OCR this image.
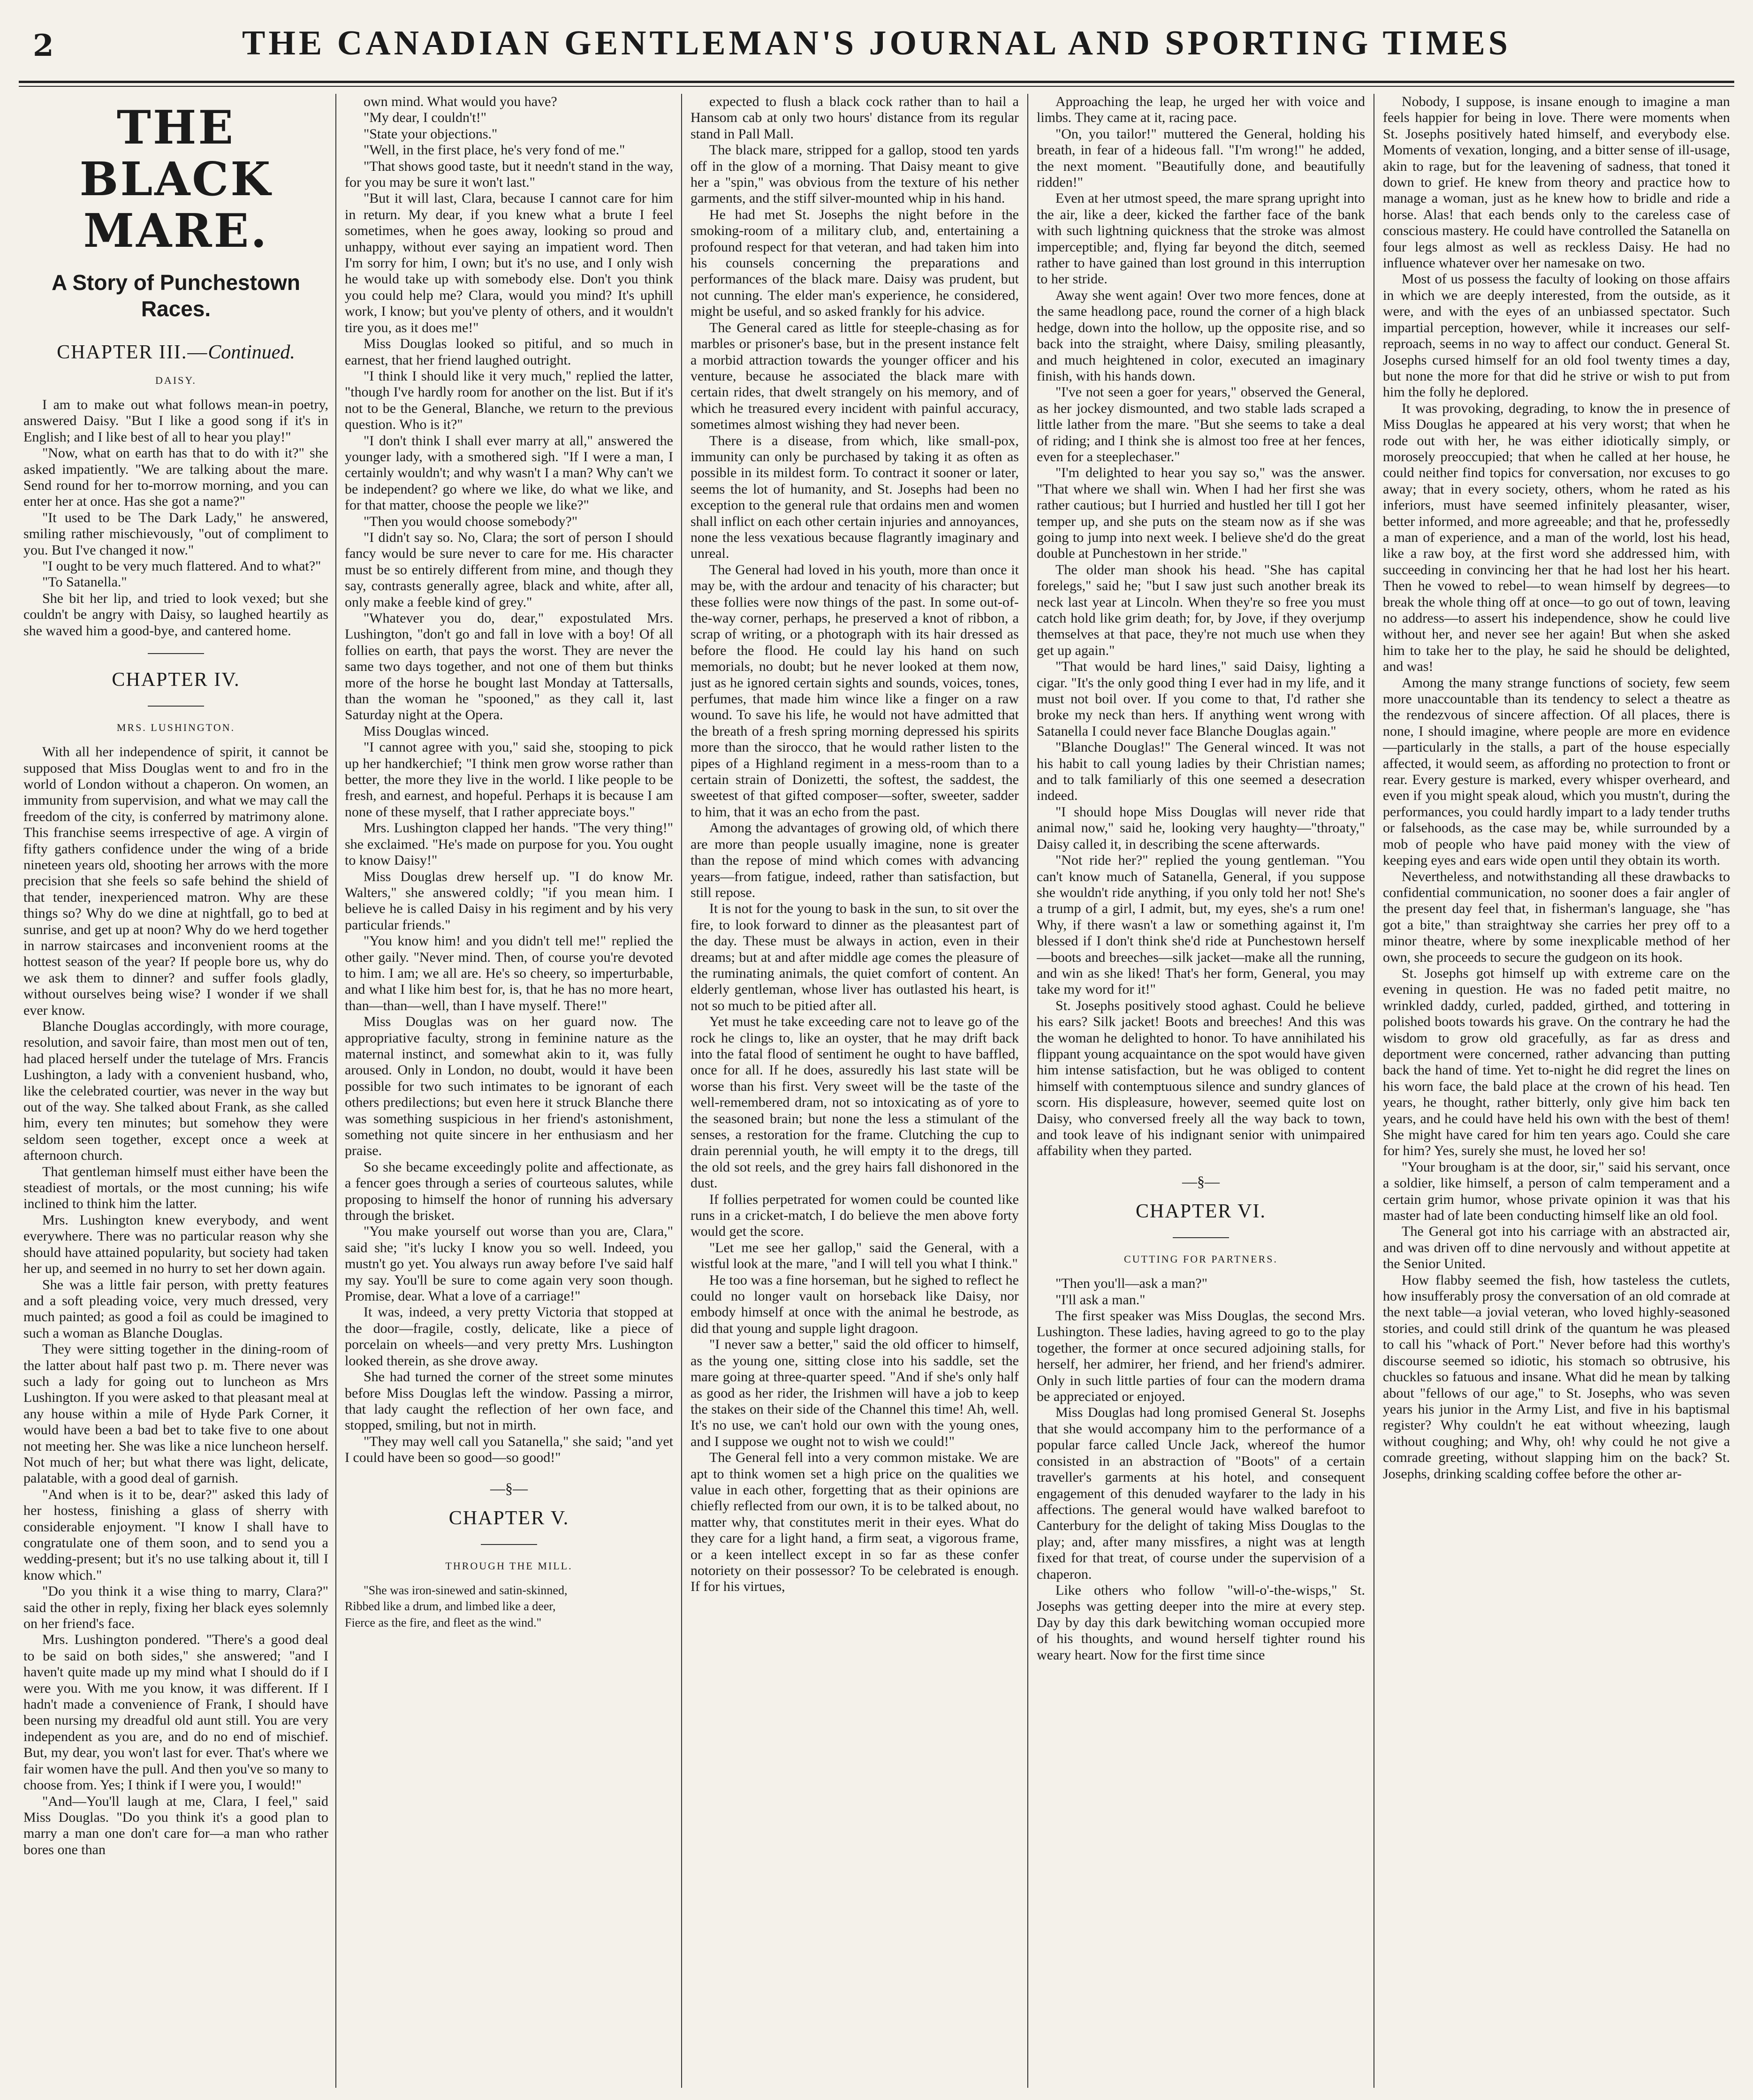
2	THE CANADIAN GENTLEMAN'S JOURNAL AND SPORTING TIMES
THE BLACK MARE.
A Story of Punchestown Races.
CHAPTER III.—Continued.
DAISY.

I am to make out what follows mean-in poetry, answered Daisy. "But I like a good song if it's in English; and I like best of all to hear you play!"

"Now, what on earth has that to do with it?" she asked impatiently. "We are talking about the mare. Send round for her to-morrow morning, and you can enter her at once. Has she got a name?"

"It used to be The Dark Lady," he answered, smiling rather mischievously, "out of compliment to you. But I've changed it now."

"I ought to be very much flattered. And to what?"

"To Satanella."

She bit her lip, and tried to look vexed; but she couldn't be angry with Daisy, so laughed heartily as she waved him a good-bye, and cantered home.

CHAPTER IV.
MRS. LUSHINGTON.

With all her independence of spirit, it cannot be supposed that Miss Douglas went to and fro in the world of London without a chaperon. On women, an immunity from supervision, and what we may call the freedom of the city, is conferred by matrimony alone. This franchise seems irrespective of age. A virgin of fifty gathers confidence under the wing of a bride nineteen years old, shooting her arrows with the more precision that she feels so safe behind the shield of that tender, inexperienced matron. Why are these things so? Why do we dine at nightfall, go to bed at sunrise, and get up at noon? Why do we herd together in narrow staircases and inconvenient rooms at the hottest season of the year? If people bore us, why do we ask them to dinner? and suffer fools gladly, without ourselves being wise? I wonder if we shall ever know.

Blanche Douglas accordingly, with more courage, resolution, and savoir faire, than most men out of ten, had placed herself under the tutelage of Mrs. Francis Lushington, a lady with a convenient husband, who, like the celebrated courtier, was never in the way but out of the way. She talked about Frank, as she called him, every ten minutes; but somehow they were seldom seen together, except once a week at afternoon church.

That gentleman himself must either have been the steadiest of mortals, or the most cunning; his wife inclined to think him the latter.

Mrs. Lushington knew everybody, and went everywhere. There was no particular reason why she should have attained popularity, but society had taken her up, and seemed in no hurry to set her down again.

She was a little fair person, with pretty features and a soft pleading voice, very much dressed, very much painted; as good a foil as could be imagined to such a woman as Blanche Douglas.

They were sitting together in the dining-room of the latter about half past two p. m. There never was such a lady for going out to luncheon as Mrs Lushington. If you were asked to that pleasant meal at any house within a mile of Hyde Park Corner, it would have been a bad bet to take five to one about not meeting her. She was like a nice luncheon herself. Not much of her; but what there was light, delicate, palatable, with a good deal of garnish.

"And when is it to be, dear?" asked this lady of her hostess, finishing a glass of sherry with considerable enjoyment. "I know I shall have to congratulate one of them soon, and to send you a wedding-present; but it's no use talking about it, till I know which."

"Do you think it a wise thing to marry, Clara?" said the other in reply, fixing her black eyes solemnly on her friend's face.

Mrs. Lushington pondered. "There's a good deal to be said on both sides," she answered; "and I haven't quite made up my mind what I should do if I were you. With me you know, it was different. If I hadn't made a convenience of Frank, I should have been nursing my dreadful old aunt still. You are very independent as you are, and do no end of mischief. But, my dear, you won't last for ever. That's where we fair women have the pull. And then you've so many to choose from. Yes; I think if I were you, I would!"

"And—You'll laugh at me, Clara, I feel," said Miss Douglas. "Do you think it's a good plan to marry a man one don't care for—a man who rather bores one than

own mind. What would you have?

"My dear, I couldn't!"

"State your objections."

"Well, in the first place, he's very fond of me."

"That shows good taste, but it needn't stand in the way, for you may be sure it won't last."

"But it will last, Clara, because I cannot care for him in return. My dear, if you knew what a brute I feel sometimes, when he goes away, looking so proud and unhappy, without ever saying an impatient word. Then I'm sorry for him, I own; but it's no use, and I only wish he would take up with somebody else. Don't you think you could help me? Clara, would you mind? It's uphill work, I know; but you've plenty of others, and it wouldn't tire you, as it does me!"

Miss Douglas looked so pitiful, and so much in earnest, that her friend laughed outright.

"I think I should like it very much," replied the latter, "though I've hardly room for another on the list. But if it's not to be the General, Blanche, we return to the previous question. Who is it?"

"I don't think I shall ever marry at all," answered the younger lady, with a smothered sigh. "If I were a man, I certainly wouldn't; and why wasn't I a man? Why can't we be independent? go where we like, do what we like, and for that matter, choose the people we like?"

"Then you would choose somebody?"

"I didn't say so. No, Clara; the sort of person I should fancy would be sure never to care for me. His character must be so entirely different from mine, and though they say, contrasts generally agree, black and white, after all, only make a feeble kind of grey."

"Whatever you do, dear," expostulated Mrs. Lushington, "don't go and fall in love with a boy! Of all follies on earth, that pays the worst. They are never the same two days together, and not one of them but thinks more of the horse he bought last Monday at Tattersalls, than the woman he "spooned," as they call it, last Saturday night at the Opera.

Miss Douglas winced.

"I cannot agree with you," said she, stooping to pick up her handkerchief; "I think men grow worse rather than better, the more they live in the world. I like people to be fresh, and earnest, and hopeful. Perhaps it is because I am none of these myself, that I rather appreciate boys."

Mrs. Lushington clapped her hands. "The very thing!" she exclaimed. "He's made on purpose for you. You ought to know Daisy!"

Miss Douglas drew herself up. "I do know Mr. Walters," she answered coldly; "if you mean him. I believe he is called Daisy in his regiment and by his very particular friends."

"You know him! and you didn't tell me!" replied the other gaily. "Never mind. Then, of course you're devoted to him. I am; we all are. He's so cheery, so imperturbable, and what I like him best for, is, that he has no more heart, than—than—well, than I have myself. There!"

Miss Douglas was on her guard now. The appropriative faculty, strong in feminine nature as the maternal instinct, and somewhat akin to it, was fully aroused. Only in London, no doubt, would it have been possible for two such intimates to be ignorant of each others predilections; but even here it struck Blanche there was something suspicious in her friend's astonishment, something not quite sincere in her enthusiasm and her praise.

So she became exceedingly polite and affectionate, as a fencer goes through a series of courteous salutes, while proposing to himself the honor of running his adversary through the brisket.

"You make yourself out worse than you are, Clara," said she; "it's lucky I know you so well. Indeed, you mustn't go yet. You always run away before I've said half my say. You'll be sure to come again very soon though. Promise, dear. What a love of a carriage!"

It was, indeed, a very pretty Victoria that stopped at the door—fragile, costly, delicate, like a piece of porcelain on wheels—and very pretty Mrs. Lushington looked therein, as she drove away.

She had turned the corner of the street some minutes before Miss Douglas left the window. Passing a mirror, that lady caught the reflection of her own face, and stopped, smiling, but not in mirth.

"They may well call you Satanella," she said; "and yet I could have been so good—so good!"

—§—
CHAPTER V.
THROUGH THE MILL.

"She was iron-sinewed and satin-skinned,
Ribbed like a drum, and limbed like a deer,
Fierce as the fire, and fleet as the wind."

expected to flush a black cock rather than to hail a Hansom cab at only two hours' distance from its regular stand in Pall Mall.

The black mare, stripped for a gallop, stood ten yards off in the glow of a morning. That Daisy meant to give her a "spin," was obvious from the texture of his nether garments, and the stiff silver-mounted whip in his hand.

He had met St. Josephs the night before in the smoking-room of a military club, and, entertaining a profound respect for that veteran, and had taken him into his counsels concerning the preparations and performances of the black mare. Daisy was prudent, but not cunning. The elder man's experience, he considered, might be useful, and so asked frankly for his advice.

The General cared as little for steeple-chasing as for marbles or prisoner's base, but in the present instance felt a morbid attraction towards the younger officer and his venture, because he associated the black mare with certain rides, that dwelt strangely on his memory, and of which he treasured every incident with painful accuracy, sometimes almost wishing they had never been.

There is a disease, from which, like small-pox, immunity can only be purchased by taking it as often as possible in its mildest form. To contract it sooner or later, seems the lot of humanity, and St. Josephs had been no exception to the general rule that ordains men and women shall inflict on each other certain injuries and annoyances, none the less vexatious because flagrantly imaginary and unreal.

The General had loved in his youth, more than once it may be, with the ardour and tenacity of his character; but these follies were now things of the past. In some out-of-the-way corner, perhaps, he preserved a knot of ribbon, a scrap of writing, or a photograph with its hair dressed as before the flood. He could lay his hand on such memorials, no doubt; but he never looked at them now, just as he ignored certain sights and sounds, voices, tones, perfumes, that made him wince like a finger on a raw wound. To save his life, he would not have admitted that the breath of a fresh spring morning depressed his spirits more than the sirocco, that he would rather listen to the pipes of a Highland regiment in a mess-room than to a certain strain of Donizetti, the softest, the saddest, the sweetest of that gifted composer—softer, sweeter, sadder to him, that it was an echo from the past.

Among the advantages of growing old, of which there are more than people usually imagine, none is greater than the repose of mind which comes with advancing years—from fatigue, indeed, rather than satisfaction, but still repose.

It is not for the young to bask in the sun, to sit over the fire, to look forward to dinner as the pleasantest part of the day. These must be always in action, even in their dreams; but at and after middle age comes the pleasure of the ruminating animals, the quiet comfort of content. An elderly gentleman, whose liver has outlasted his heart, is not so much to be pitied after all.

Yet must he take exceeding care not to leave go of the rock he clings to, like an oyster, that he may drift back into the fatal flood of sentiment he ought to have baffled, once for all. If he does, assuredly his last state will be worse than his first. Very sweet will be the taste of the well-remembered dram, not so intoxicating as of yore to the seasoned brain; but none the less a stimulant of the senses, a restoration for the frame. Clutching the cup to drain perennial youth, he will empty it to the dregs, till the old sot reels, and the grey hairs fall dishonored in the dust.

If follies perpetrated for women could be counted like runs in a cricket-match, I do believe the men above forty would get the score.

"Let me see her gallop," said the General, with a wistful look at the mare, "and I will tell you what I think."

He too was a fine horseman, but he sighed to reflect he could no longer vault on horseback like Daisy, nor embody himself at once with the animal he bestrode, as did that young and supple light dragoon.

"I never saw a better," said the old officer to himself, as the young one, sitting close into his saddle, set the mare going at three-quarter speed. "And if she's only half as good as her rider, the Irishmen will have a job to keep the stakes on their side of the Channel this time! Ah, well. It's no use, we can't hold our own with the young ones, and I suppose we ought not to wish we could!"

The General fell into a very common mistake. We are apt to think women set a high price on the qualities we value in each other, forgetting that as their opinions are chiefly reflected from our own, it is to be talked about, no matter why, that constitutes merit in their eyes. What do they care for a light hand, a firm seat, a vigorous frame, or a keen intellect except in so far as these confer notoriety on their possessor? To be celebrated is enough. If for his virtues,

Approaching the leap, he urged her with voice and limbs. They came at it, racing pace.

"On, you tailor!" muttered the General, holding his breath, in fear of a hideous fall. "I'm wrong!" he added, the next moment. "Beautifully done, and beautifully ridden!"

Even at her utmost speed, the mare sprang upright into the air, like a deer, kicked the farther face of the bank with such lightning quickness that the stroke was almost imperceptible; and, flying far beyond the ditch, seemed rather to have gained than lost ground in this interruption to her stride.

Away she went again! Over two more fences, done at the same headlong pace, round the corner of a high black hedge, down into the hollow, up the opposite rise, and so back into the straight, where Daisy, smiling pleasantly, and much heightened in color, executed an imaginary finish, with his hands down.

"I've not seen a goer for years," observed the General, as her jockey dismounted, and two stable lads scraped a little lather from the mare. "But she seems to take a deal of riding; and I think she is almost too free at her fences, even for a steeplechaser."

"I'm delighted to hear you say so," was the answer. "That where we shall win. When I had her first she was rather cautious; but I hurried and hustled her till I got her temper up, and she puts on the steam now as if she was going to jump into next week. I believe she'd do the great double at Punchestown in her stride."

The older man shook his head. "She has capital forelegs," said he; "but I saw just such another break its neck last year at Lincoln. When they're so free you must catch hold like grim death; for, by Jove, if they overjump themselves at that pace, they're not much use when they get up again."

"That would be hard lines," said Daisy, lighting a cigar. "It's the only good thing I ever had in my life, and it must not boil over. If you come to that, I'd rather she broke my neck than hers. If anything went wrong with Satanella I could never face Blanche Douglas again."

"Blanche Douglas!" The General winced. It was not his habit to call young ladies by their Christian names; and to talk familiarly of this one seemed a desecration indeed.

"I should hope Miss Douglas will never ride that animal now," said he, looking very haughty—"throaty," Daisy called it, in describing the scene afterwards.

"Not ride her?" replied the young gentleman. "You can't know much of Satanella, General, if you suppose she wouldn't ride anything, if you only told her not! She's a trump of a girl, I admit, but, my eyes, she's a rum one! Why, if there wasn't a law or something against it, I'm blessed if I don't think she'd ride at Punchestown herself—boots and breeches—silk jacket—make all the running, and win as she liked! That's her form, General, you may take my word for it!"

St. Josephs positively stood aghast. Could he believe his ears? Silk jacket! Boots and breeches! And this was the woman he delighted to honor. To have annihilated his flippant young acquaintance on the spot would have given him intense satisfaction, but he was obliged to content himself with contemptuous silence and sundry glances of scorn. His displeasure, however, seemed quite lost on Daisy, who conversed freely all the way back to town, and took leave of his indignant senior with unimpaired affability when they parted.

—§—
CHAPTER VI.
CUTTING FOR PARTNERS.

"Then you'll—ask a man?"

"I'll ask a man."

The first speaker was Miss Douglas, the second Mrs. Lushington. These ladies, having agreed to go to the play together, the former at once secured adjoining stalls, for herself, her admirer, her friend, and her friend's admirer. Only in such little parties of four can the modern drama be appreciated or enjoyed.

Miss Douglas had long promised General St. Josephs that she would accompany him to the performance of a popular farce called Uncle Jack, whereof the humor consisted in an abstraction of "Boots" of a certain traveller's garments at his hotel, and consequent engagement of this denuded wayfarer to the lady in his affections. The general would have walked barefoot to Canterbury for the delight of taking Miss Douglas to the play; and, after many missfires, a night was at length fixed for that treat, of course under the supervision of a chaperon.

Like others who follow "will-o'-the-wisps," St. Josephs was getting deeper into the mire at every step. Day by day this dark bewitching woman occupied more of his thoughts, and wound herself tighter round his weary heart. Now for the first time since

Nobody, I suppose, is insane enough to imagine a man feels happier for being in love. There were moments when St. Josephs positively hated himself, and everybody else. Moments of vexation, longing, and a bitter sense of ill-usage, akin to rage, but for the leavening of sadness, that toned it down to grief. He knew from theory and practice how to manage a woman, just as he knew how to bridle and ride a horse. Alas! that each bends only to the careless case of conscious mastery. He could have controlled the Satanella on four legs almost as well as reckless Daisy. He had no influence whatever over her namesake on two.

Most of us possess the faculty of looking on those affairs in which we are deeply interested, from the outside, as it were, and with the eyes of an unbiassed spectator. Such impartial perception, however, while it increases our self-reproach, seems in no way to affect our conduct. General St. Josephs cursed himself for an old fool twenty times a day, but none the more for that did he strive or wish to put from him the folly he deplored.

It was provoking, degrading, to know the in presence of Miss Douglas he appeared at his very worst; that when he rode out with her, he was either idiotically simply, or morosely preoccupied; that when he called at her house, he could neither find topics for conversation, nor excuses to go away; that in every society, others, whom he rated as his inferiors, must have seemed infinitely pleasanter, wiser, better informed, and more agreeable; and that he, professedly a man of experience, and a man of the world, lost his head, like a raw boy, at the first word she addressed him, with succeeding in convincing her that he had lost her his heart. Then he vowed to rebel—to wean himself by degrees—to break the whole thing off at once—to go out of town, leaving no address—to assert his independence, show he could live without her, and never see her again! But when she asked him to take her to the play, he said he should be delighted, and was!

Among the many strange functions of society, few seem more unaccountable than its tendency to select a theatre as the rendezvous of sincere affection. Of all places, there is none, I should imagine, where people are more en evidence—particularly in the stalls, a part of the house especially affected, it would seem, as affording no protection to front or rear. Every gesture is marked, every whisper overheard, and even if you might speak aloud, which you mustn't, during the performances, you could hardly impart to a lady tender truths or falsehoods, as the case may be, while surrounded by a mob of people who have paid money with the view of keeping eyes and ears wide open until they obtain its worth.

Nevertheless, and notwithstanding all these drawbacks to confidential communication, no sooner does a fair angler of the present day feel that, in fisherman's language, she "has got a bite," than straightway she carries her prey off to a minor theatre, where by some inexplicable method of her own, she proceeds to secure the gudgeon on its hook.

St. Josephs got himself up with extreme care on the evening in question. He was no faded petit maitre, no wrinkled daddy, curled, padded, girthed, and tottering in polished boots towards his grave. On the contrary he had the wisdom to grow old gracefully, as far as dress and deportment were concerned, rather advancing than putting back the hand of time. Yet to-night he did regret the lines on his worn face, the bald place at the crown of his head. Ten years, he thought, rather bitterly, only give him back ten years, and he could have held his own with the best of them! She might have cared for him ten years ago. Could she care for him? Yes, surely she must, he loved her so!

"Your brougham is at the door, sir," said his servant, once a soldier, like himself, a person of calm temperament and a certain grim humor, whose private opinion it was that his master had of late been conducting himself like an old fool.

The General got into his carriage with an abstracted air, and was driven off to dine nervously and without appetite at the Senior United.

How flabby seemed the fish, how tasteless the cutlets, how insufferably prosy the conversation of an old comrade at the next table—a jovial veteran, who loved highly-seasoned stories, and could still drink of the quantum he was pleased to call his "whack of Port." Never before had this worthy's discourse seemed so idiotic, his stomach so obtrusive, his chuckles so fatuous and insane. What did he mean by talking about "fellows of our age," to St. Josephs, who was seven years his junior in the Army List, and five in his baptismal register? Why couldn't he eat without wheezing, laugh without coughing; and Why, oh! why could he not give a comrade greeting, without slapping him on the back? St. Josephs, drinking scalding coffee before the other ar-
